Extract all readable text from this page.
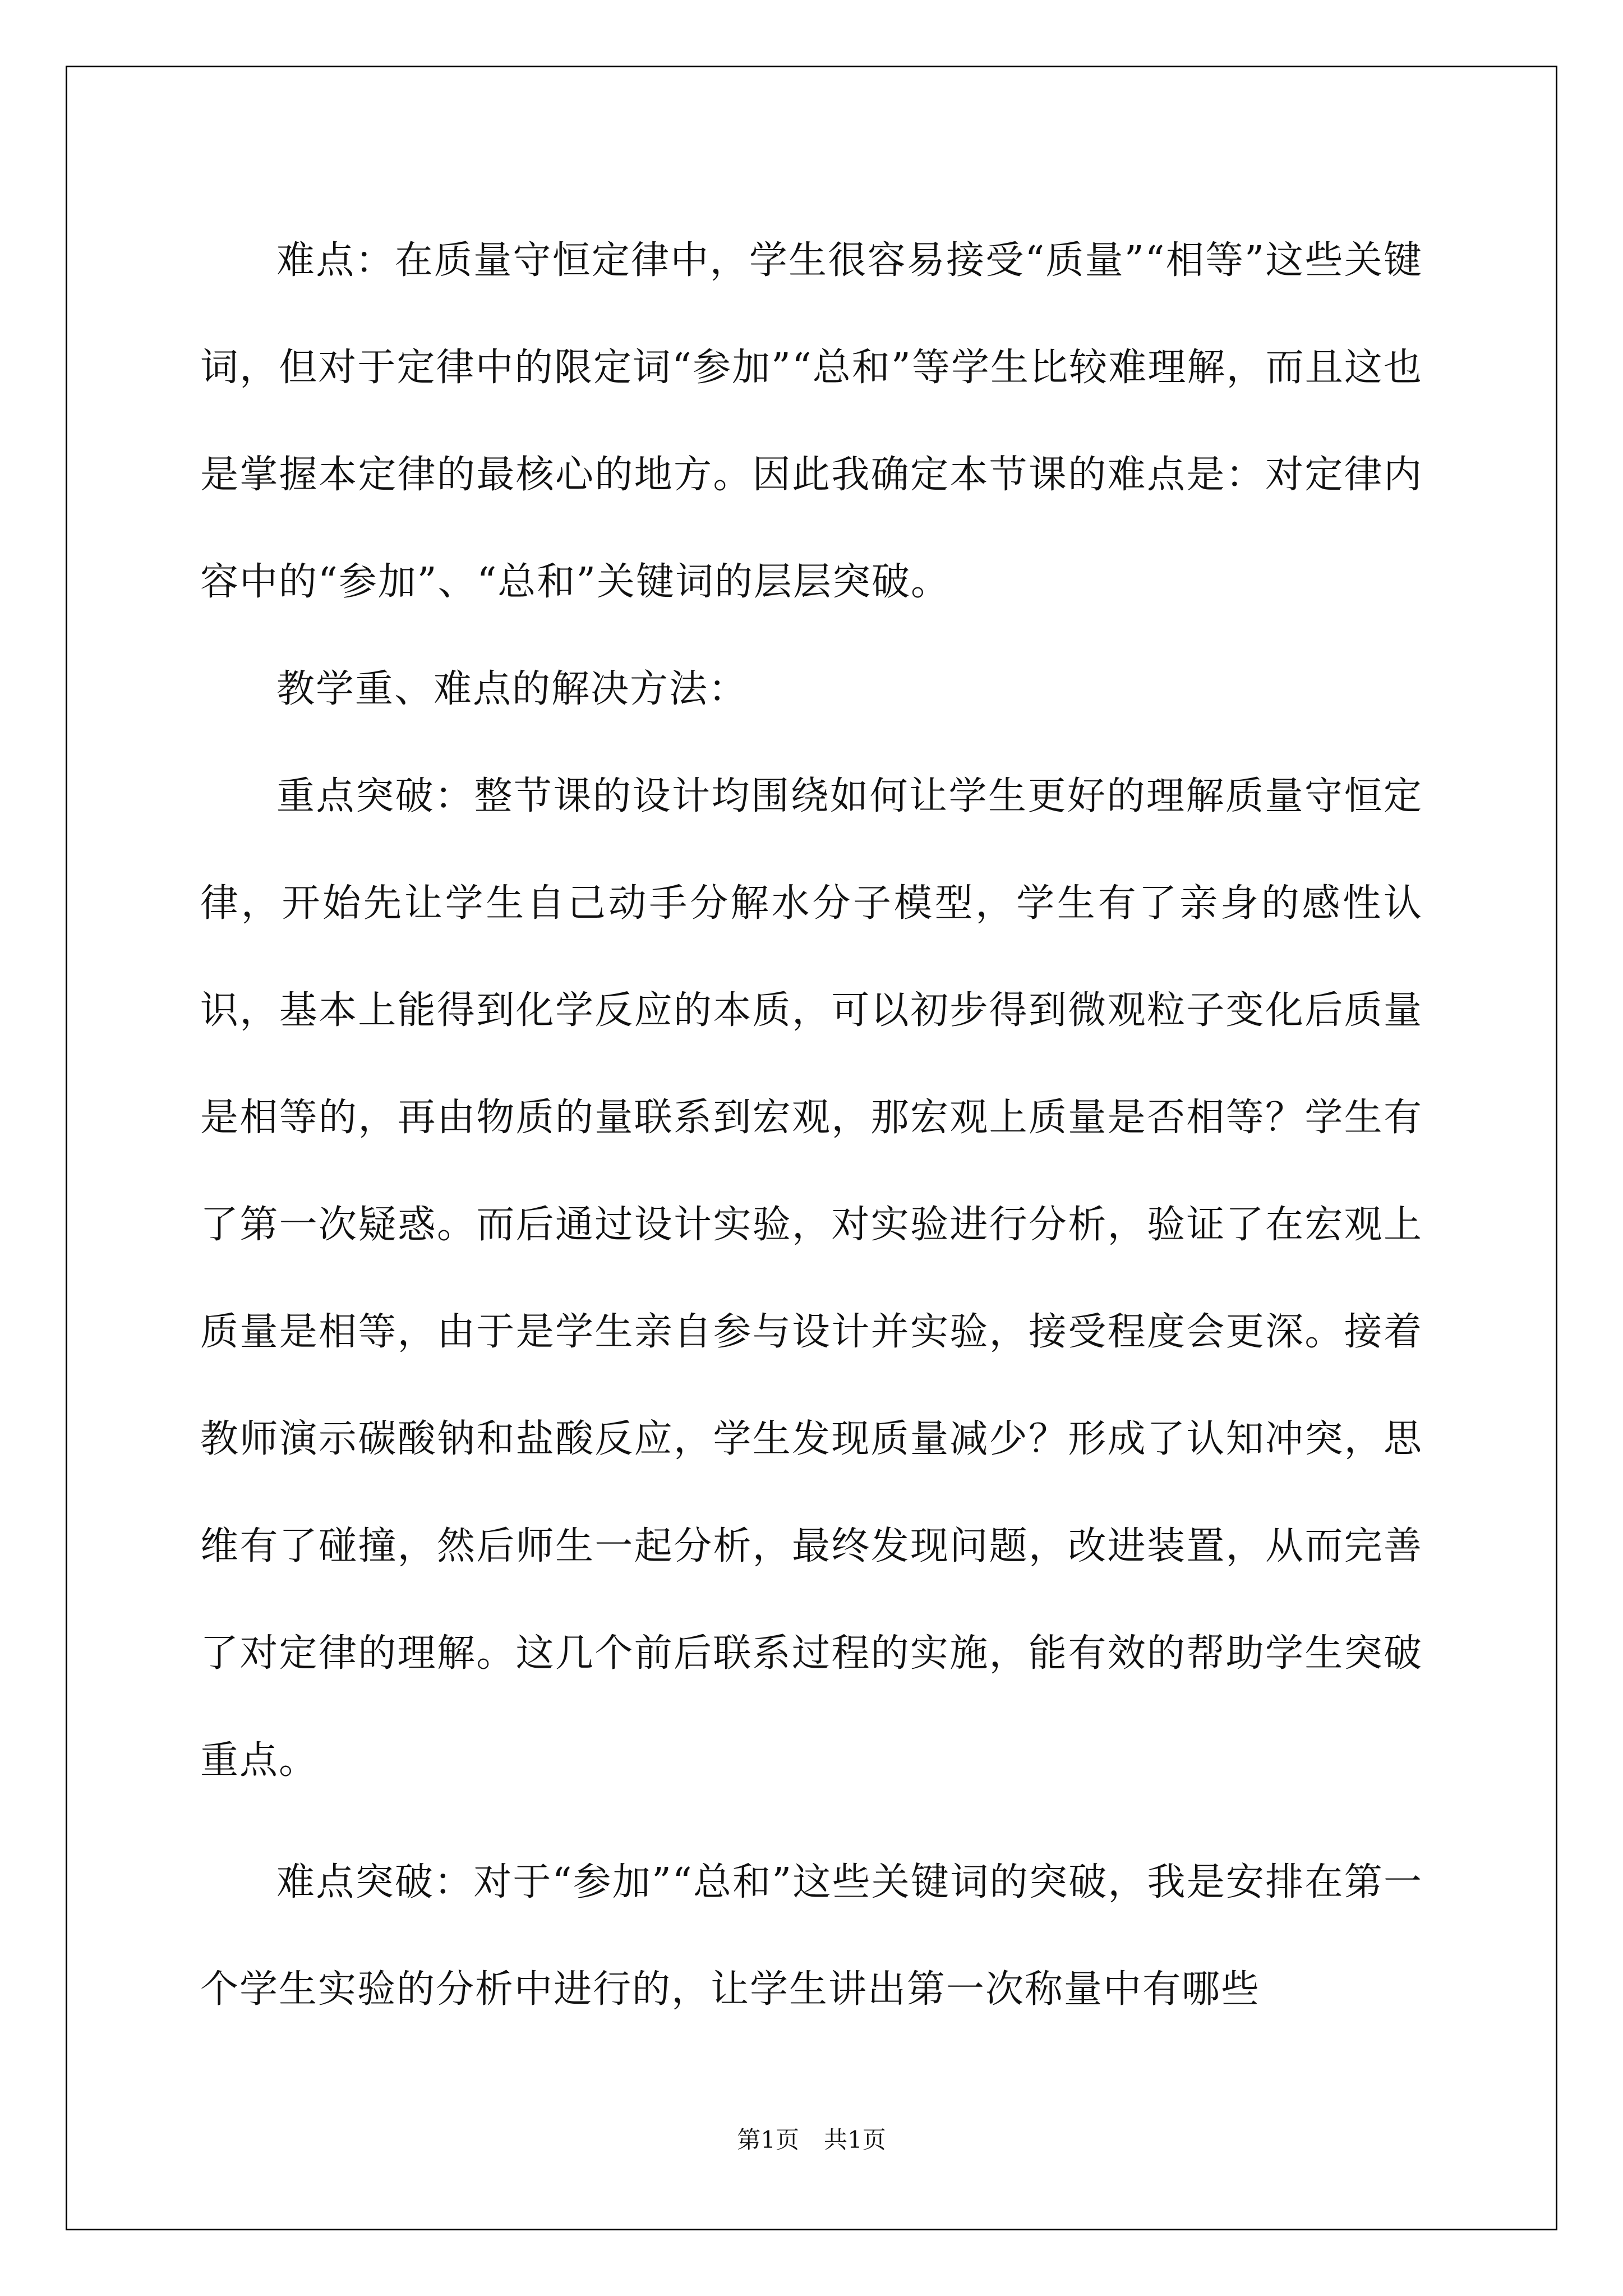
难点：在质量守恒定律中，学生很容易接受“质量”“相等”这些关键词，但对于定律中的限定词“参加”“总和”等学生比较难理解，而且这也是掌握本定律的最核心的地方。因此我确定本节课的难点是：对定律内容中的“参加”、“总和”关键词的层层突破。

教学重、难点的解决方法：

重点突破：整节课的设计均围绕如何让学生更好的理解质量守恒定律，开始先让学生自己动手分解水分子模型，学生有了亲身的感性认识，基本上能得到化学反应的本质，可以初步得到微观粒子变化后质量是相等的，再由物质的量联系到宏观，那宏观上质量是否相等？学生有了第一次疑惑。而后通过设计实验，对实验进行分析，验证了在宏观上质量是相等，由于是学生亲自参与设计并实验，接受程度会更深。接着教师演示碳酸钠和盐酸反应，学生发现质量减少？形成了认知冲突，思维有了碰撞，然后师生一起分析，最终发现问题，改进装置，从而完善了对定律的理解。这几个前后联系过程的实施，能有效的帮助学生突破重点。

难点突破：对于“参加”“总和”这些关键词的突破，我是安排在第一个学生实验的分析中进行的，让学生讲出第一次称量中有哪些

第1页 共1页
